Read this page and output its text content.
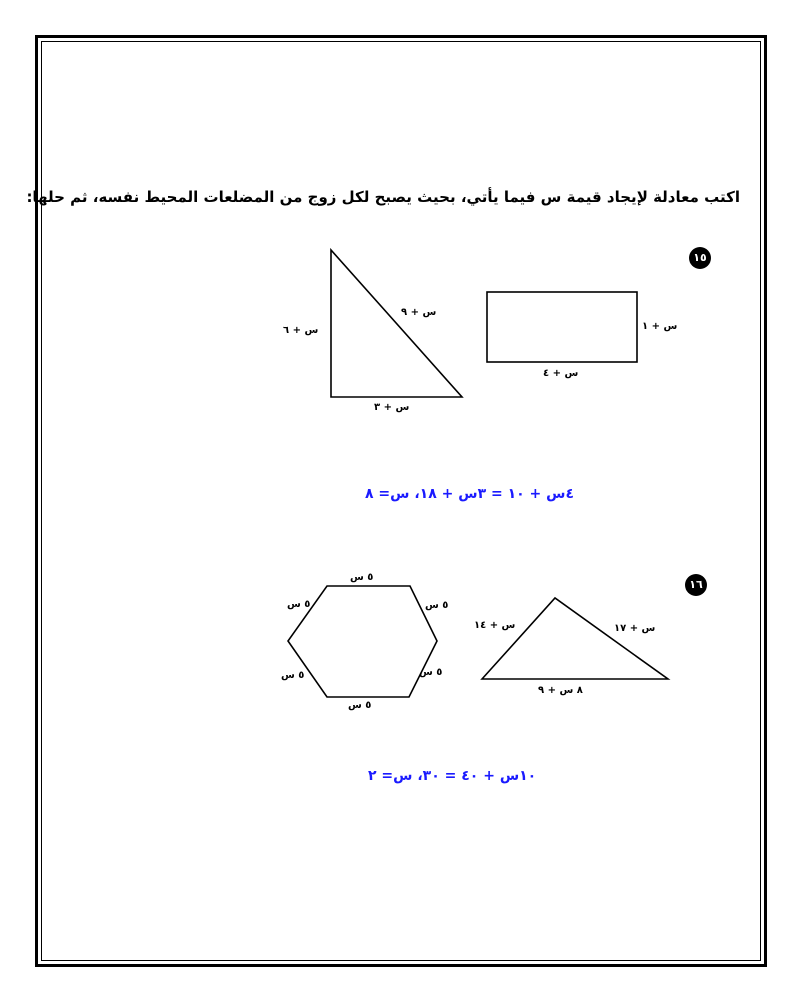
اكتب معادلة لإيجاد قيمة س فيما يأتي، بحيث يصبح لكل زوج من المضلعات المحيط نفسه، ثم حلها:
١٥
س + ١
س + ٤
س + ٦
س + ٩
س + ٣
٤س + ١٠ = ٣س + ١٨، س= ٨
١٦
س + ١٤	س + ١٧
٨ س + ٩
٥ س
٥ س
٥ س
٥ س
٥ س
٥ س
١٠س + ٤٠ = ٣٠، س= ٢
